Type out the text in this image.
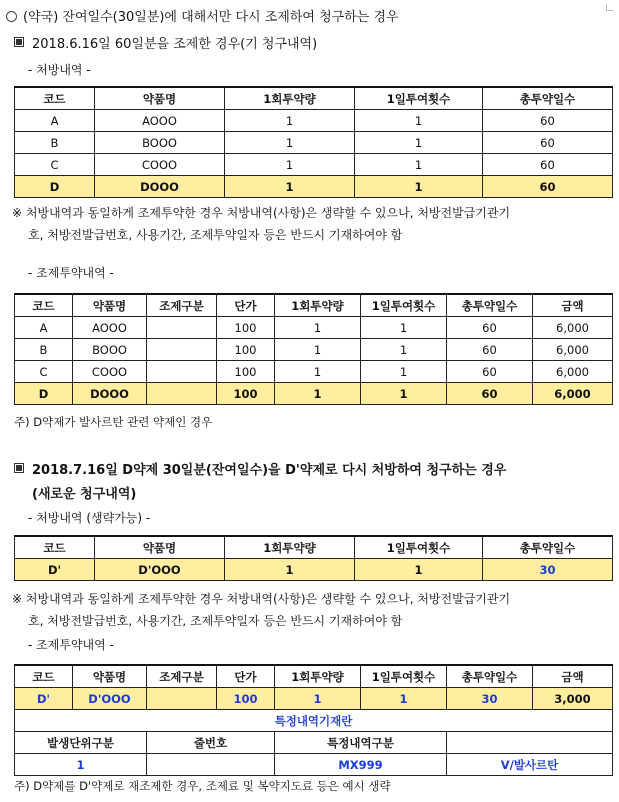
(약국) 잔여일수(30일분)에 대해서만 다시 조제하여 청구하는 경우
2018.6.16일 60일분을 조제한 경우(기 청구내역)
- 처방내역 -
코드	약품명	1회투약량	1일투여횟수	총투약일수
A	AOOO	1	1	60
B	BOOO	1	1	60
C	COOO	1	1	60
D	DOOO	1	1	60
※ 처방내역과 동일하게 조제투약한 경우 처방내역(사항)은 생략할 수 있으나, 처방전발급기관기
호, 처방전발급번호, 사용기간, 조제투약일자 등은 반드시 기재하여야 함
- 조제투약내역 -
코드	약품명	조제구분	단가	1회투약량	1일투여횟수	총투약일수	금액
A	AOOO		100	1	1	60	6,000
B	BOOO		100	1	1	60	6,000
C	COOO		100	1	1	60	6,000
D	DOOO		100	1	1	60	6,000
주) D약제가 발사르탄 관련 약제인 경우
2018.7.16일 D약제 30일분(잔여일수)을 D'약제로 다시 처방하여 청구하는 경우
(새로운 청구내역)
- 처방내역 (생략가능) -
코드	약품명	1회투약량	1일투여횟수	총투약일수
D'	D'OOO	1	1	30
※ 처방내역과 동일하게 조제투약한 경우 처방내역(사항)은 생략할 수 있으나, 처방전발급기관기
호, 처방전발급번호, 사용기간, 조제투약일자 등은 반드시 기재하여야 함
- 조제투약내역 -
코드	약품명	조제구분	단가	1회투약량	1일투여횟수	총투약일수	금액
D'	D'OOO		100	1	1	30	3,000
특정내역기재란							
발생단위구분		줄번호		특정내역구분			
1				MX999		V/발사르탄	
주) D약제를 D'약제로 재조제한 경우, 조제료 및 복약지도료 등은 예시 생략
